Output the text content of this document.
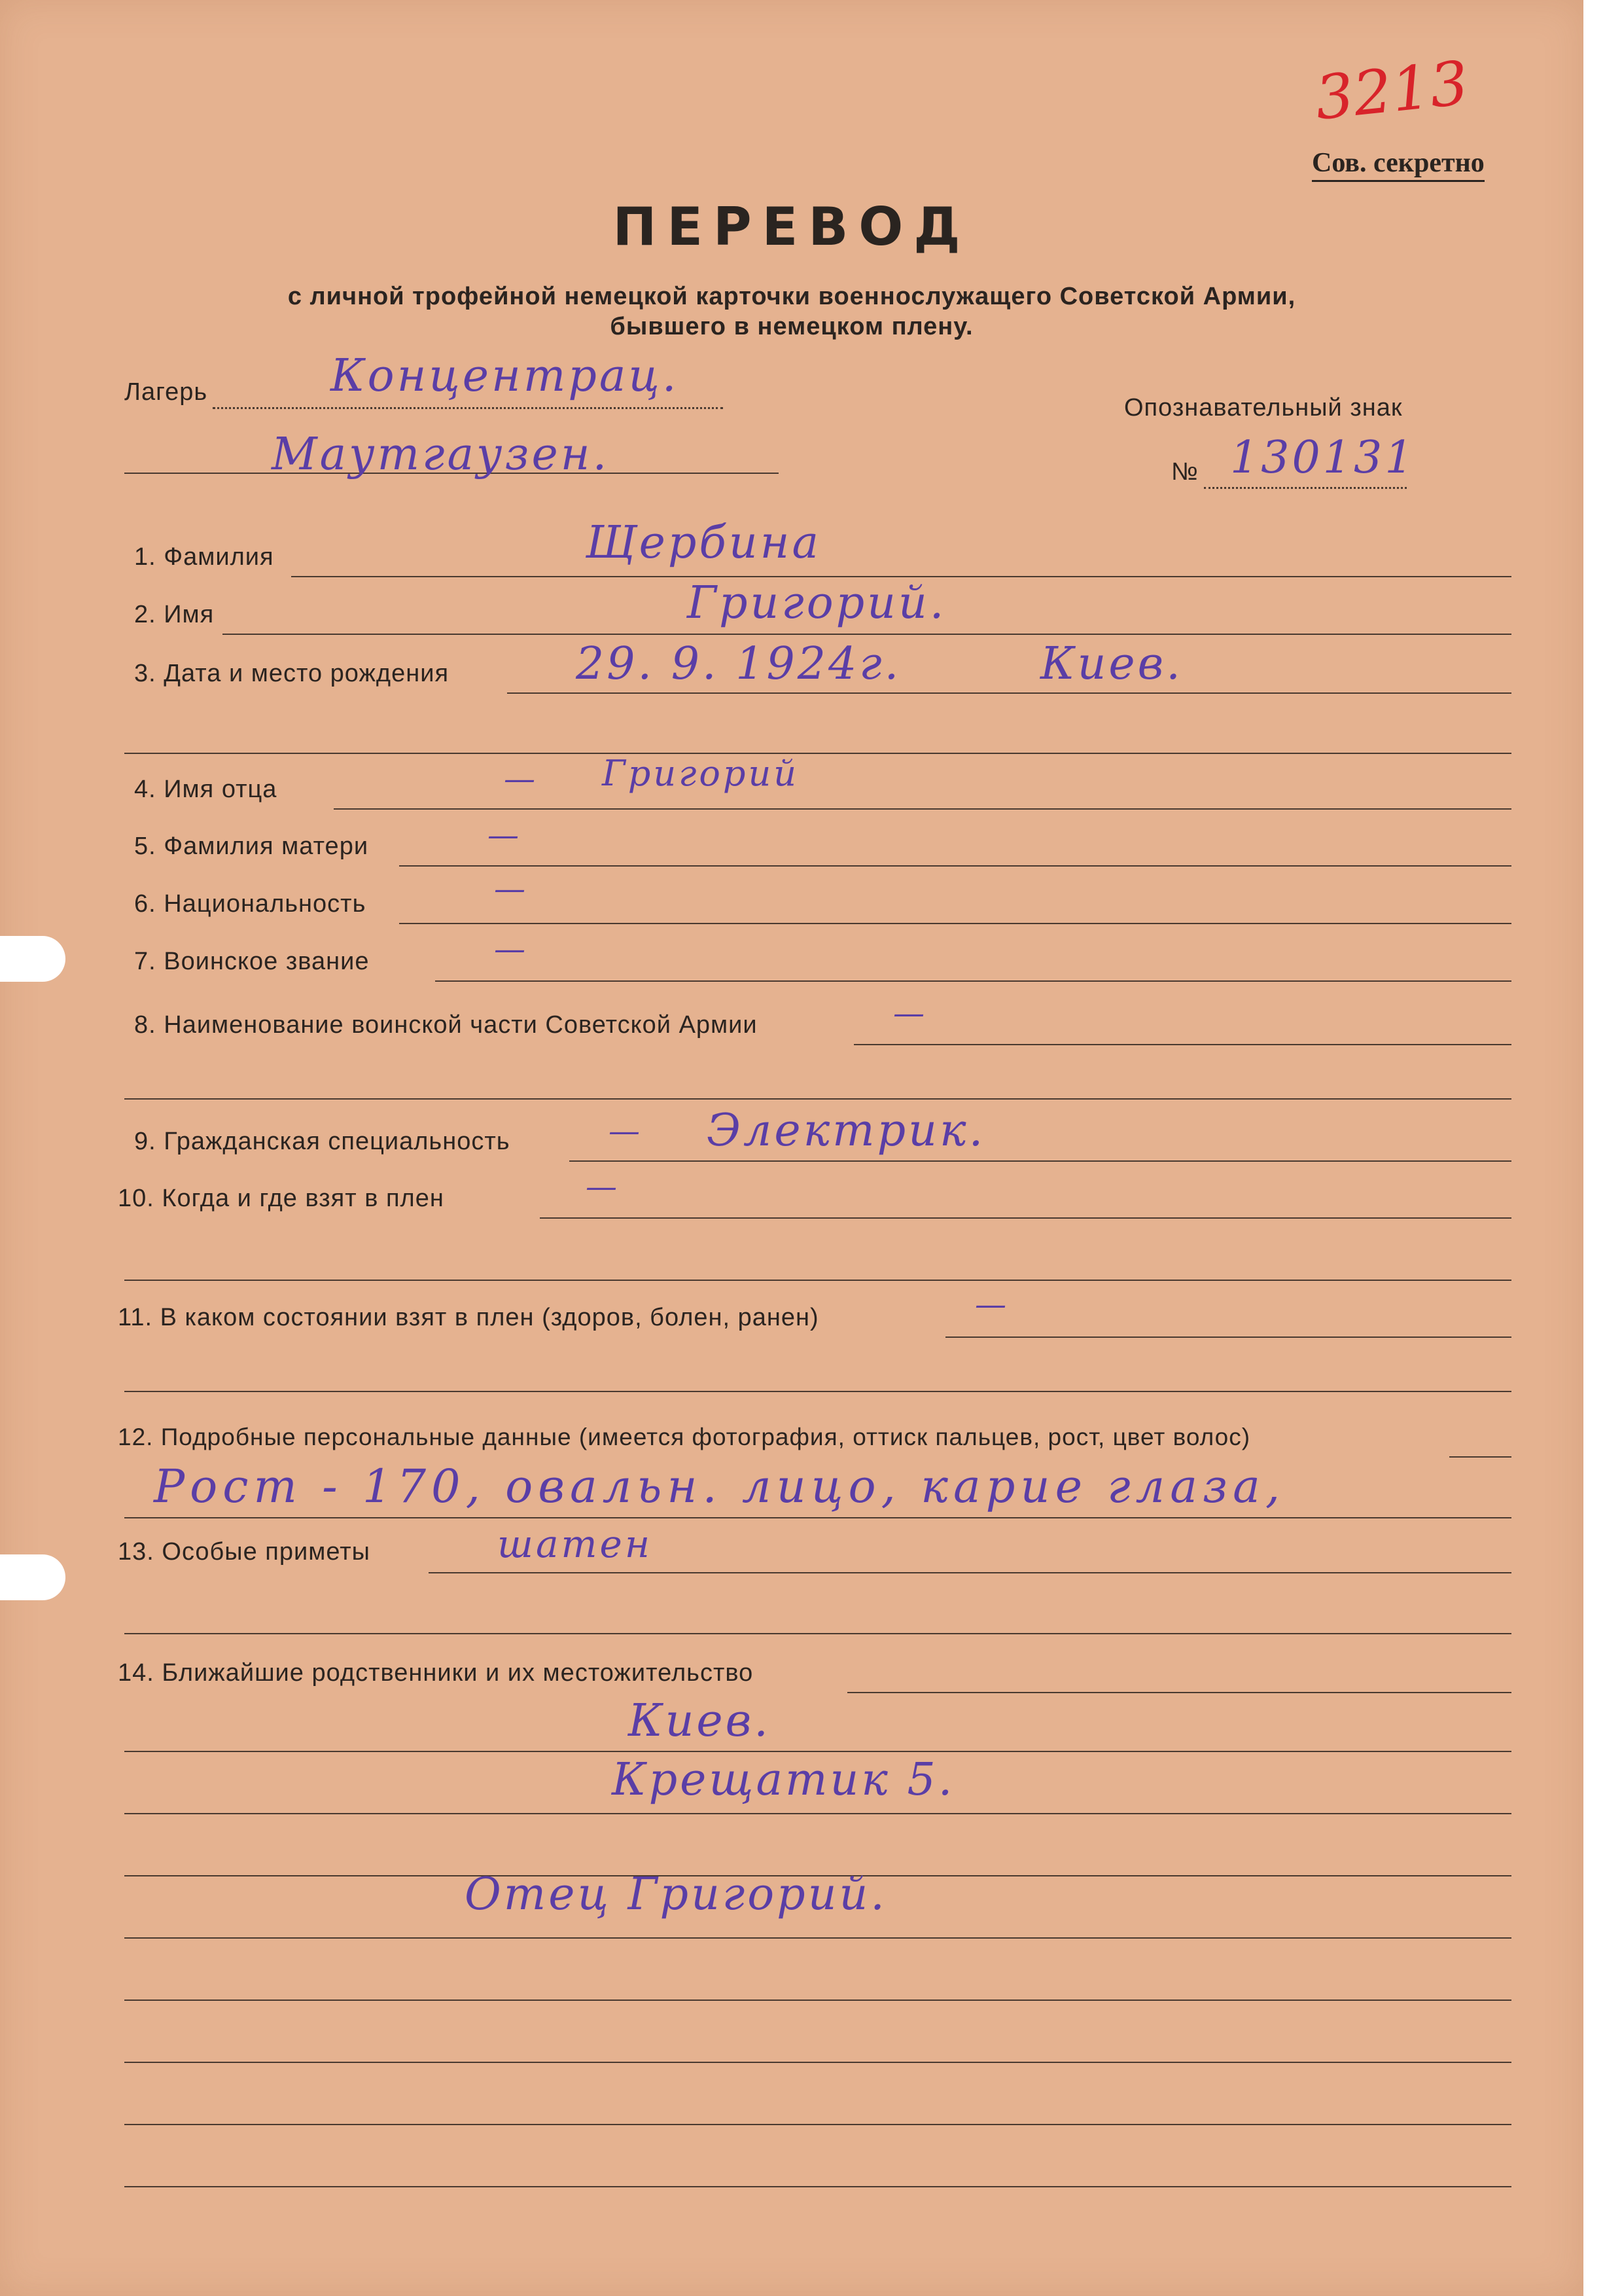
3213
Сов. секретно
ПЕРЕВОД
с личной трофейной немецкой карточки военнослужащего Советской Армии,
бывшего в немецком плену.
Лагерь	Концентрац.
Маутгаузен.
Опознавательный знак
№ 130131
1. Фамилия	Щербина
2. Имя	Григорий.
3. Дата и место рождения	29. 9. 1924г.	Киев.
4. Имя отца	— Григорий
5. Фамилия матери	—
6. Национальность	—
7. Воинское звание	—
8. Наименование воинской части Советской Армии	—
9. Гражданская специальность	— Электрик.
10. Когда и где взят в плен	—
11. В каком состоянии взят в плен (здоров, болен, ранен)	—
12. Подробные персональные данные (имеется фотография, оттиск пальцев, рост, цвет волос)
Рост - 170, овальн. лицо, карие глаза,
13. Особые приметы	шатен
14. Ближайшие родственники и их местожительство
Киев.
Крещатик 5.
Отец Григорий.
